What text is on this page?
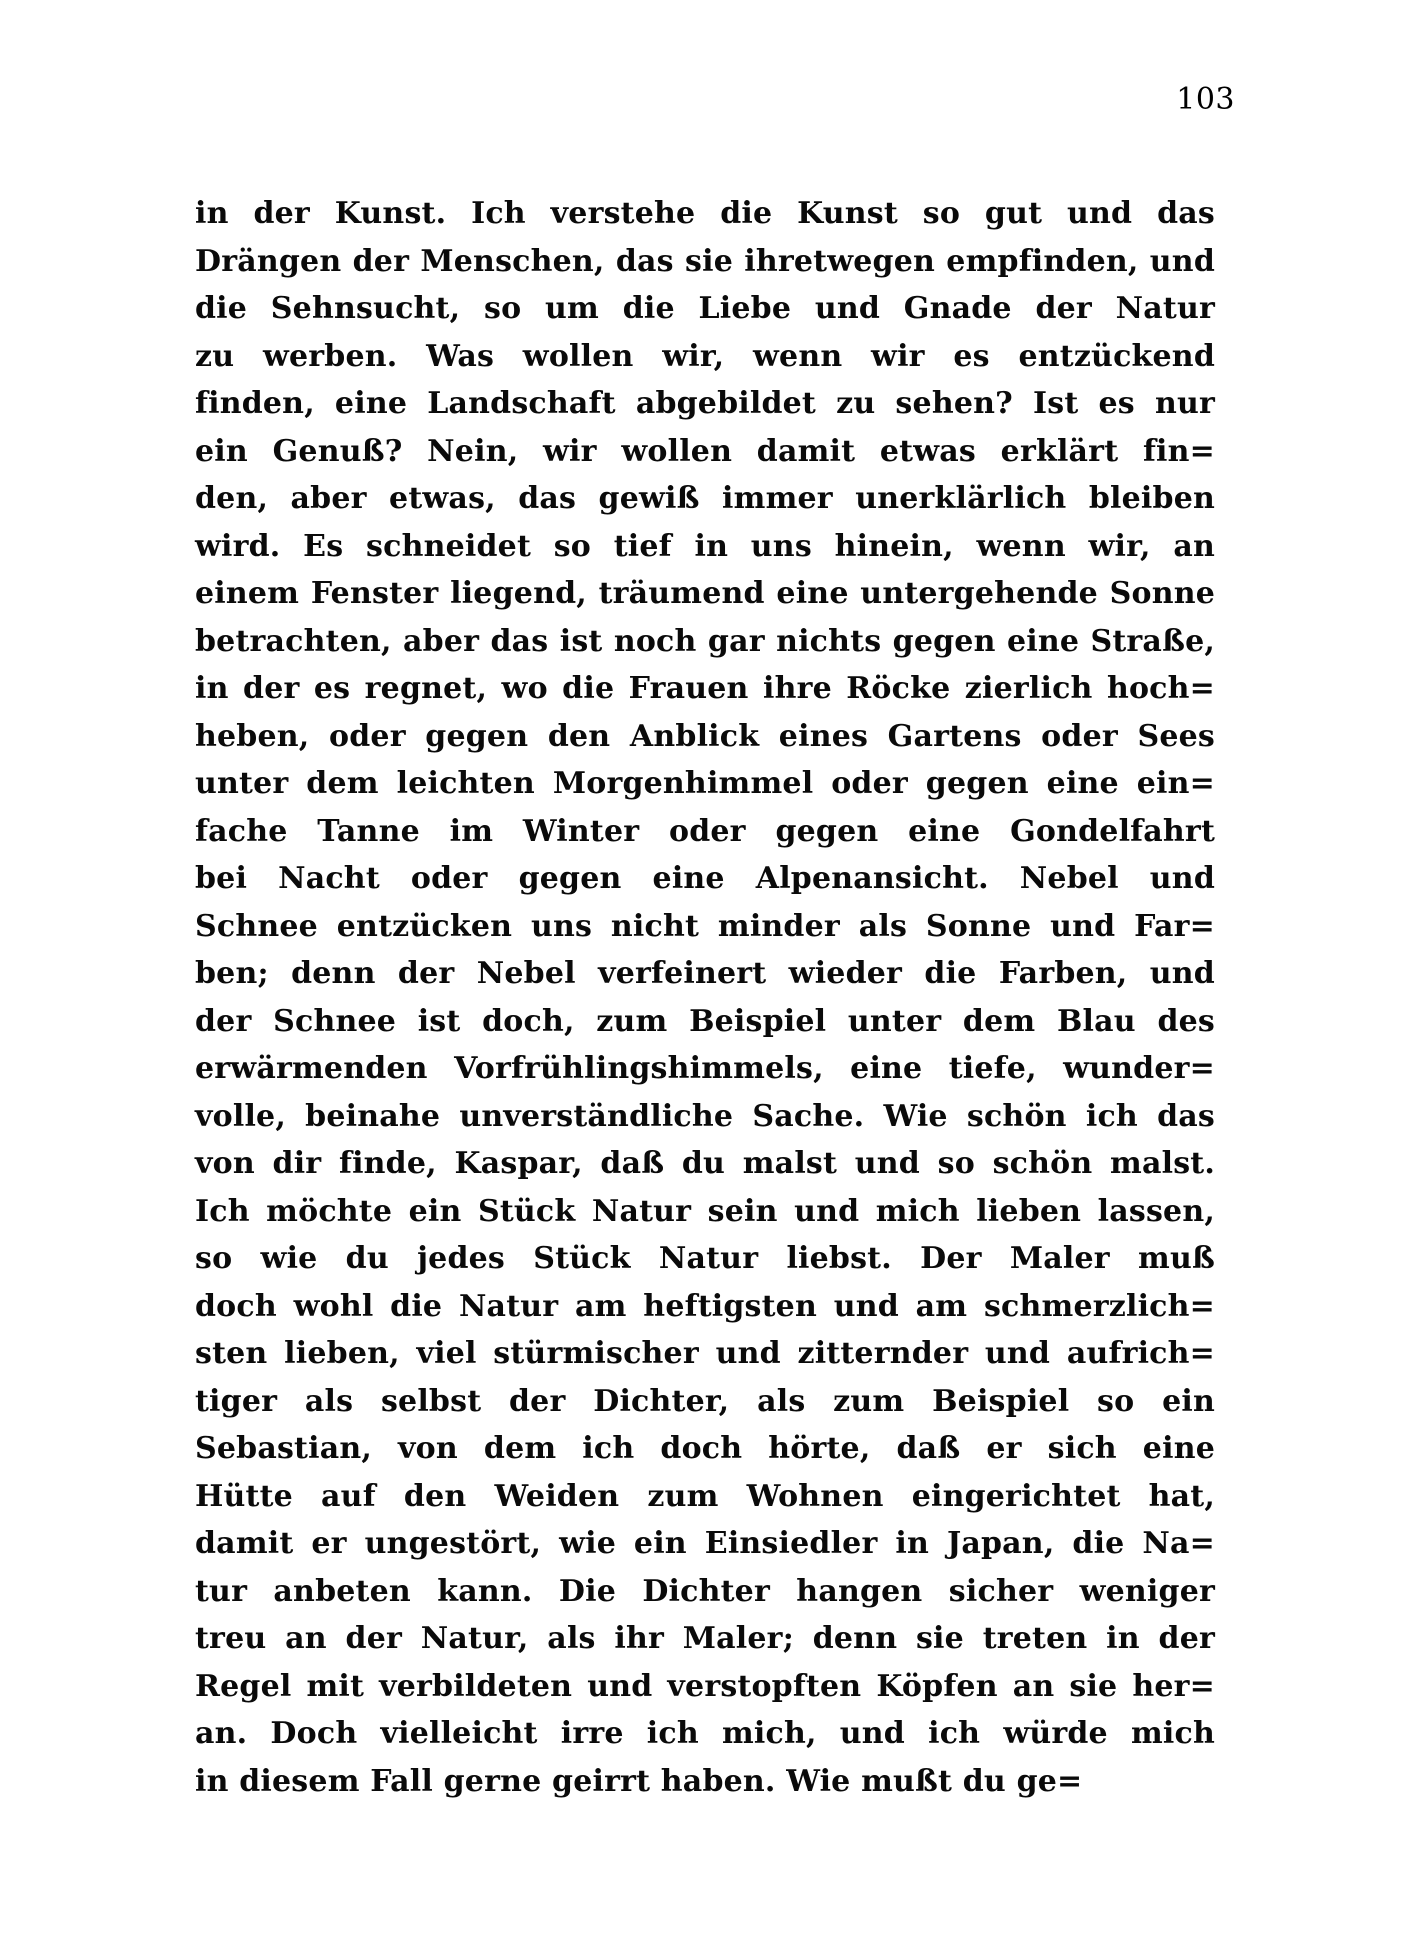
103
in der Kunst. Ich verstehe die Kunst so gut und das
Drängen der Menschen, das sie ihretwegen empfinden, und
die Sehnsucht, so um die Liebe und Gnade der Natur
zu werben. Was wollen wir, wenn wir es entzückend
finden, eine Landschaft abgebildet zu sehen? Ist es nur
ein Genuß? Nein, wir wollen damit etwas erklärt fin=
den, aber etwas, das gewiß immer unerklärlich bleiben
wird. Es schneidet so tief in uns hinein, wenn wir, an
einem Fenster liegend, träumend eine untergehende Sonne
betrachten, aber das ist noch gar nichts gegen eine Straße,
in der es regnet, wo die Frauen ihre Röcke zierlich hoch=
heben, oder gegen den Anblick eines Gartens oder Sees
unter dem leichten Morgenhimmel oder gegen eine ein=
fache Tanne im Winter oder gegen eine Gondelfahrt
bei Nacht oder gegen eine Alpenansicht. Nebel und
Schnee entzücken uns nicht minder als Sonne und Far=
ben; denn der Nebel verfeinert wieder die Farben, und
der Schnee ist doch, zum Beispiel unter dem Blau des
erwärmenden Vorfrühlingshimmels, eine tiefe, wunder=
volle, beinahe unverständliche Sache. Wie schön ich das
von dir finde, Kaspar, daß du malst und so schön malst.
Ich möchte ein Stück Natur sein und mich lieben lassen,
so wie du jedes Stück Natur liebst. Der Maler muß
doch wohl die Natur am heftigsten und am schmerzlich=
sten lieben, viel stürmischer und zitternder und aufrich=
tiger als selbst der Dichter, als zum Beispiel so ein
Sebastian, von dem ich doch hörte, daß er sich eine
Hütte auf den Weiden zum Wohnen eingerichtet hat,
damit er ungestört, wie ein Einsiedler in Japan, die Na=
tur anbeten kann. Die Dichter hangen sicher weniger
treu an der Natur, als ihr Maler; denn sie treten in der
Regel mit verbildeten und verstopften Köpfen an sie her=
an. Doch vielleicht irre ich mich, und ich würde mich
in diesem Fall gerne geirrt haben. Wie mußt du ge=
